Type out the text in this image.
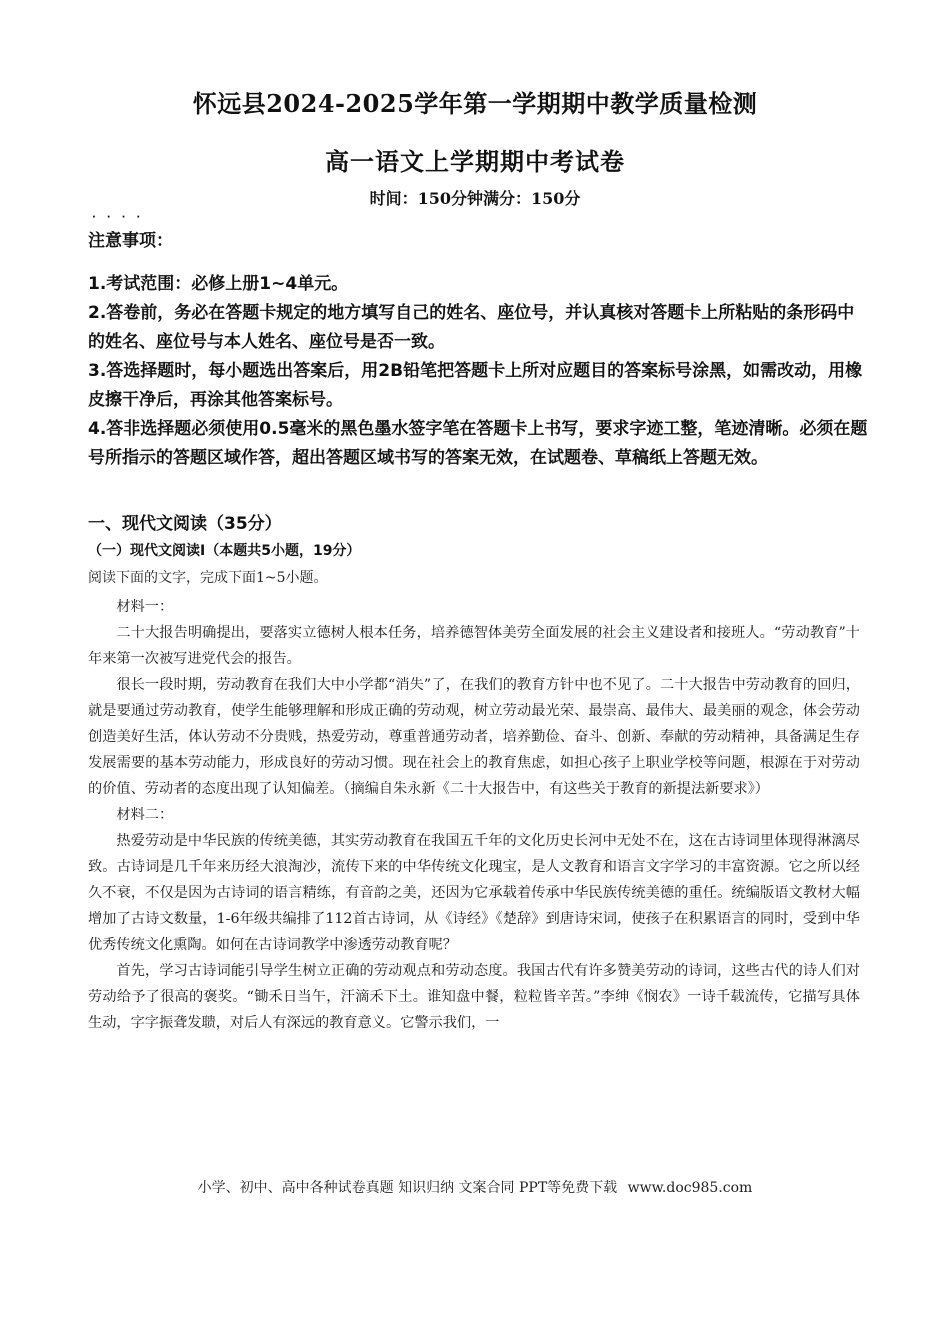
怀远县2024-2025学年第一学期期中教学质量检测
高一语文上学期期中考试卷
时间：150分钟满分：150分
····
注意事项：

1.考试范围：必修上册1~4单元。

2.答卷前，务必在答题卡规定的地方填写自己的姓名、座位号，并认真核对答题卡上所粘贴的条形码中的姓名、座位号与本人姓名、座位号是否一致。

3.答选择题时，每小题选出答案后，用2B铅笔把答题卡上所对应题目的答案标号涂黑，如需改动，用橡皮擦干净后，再涂其他答案标号。

4.答非选择题必须使用0.5毫米的黑色墨水签字笔在答题卡上书写，要求字迹工整，笔迹清晰。必须在题号所指示的答题区域作答，超出答题区域书写的答案无效，在试题卷、草稿纸上答题无效。

一、现代文阅读（35分）
（一）现代文阅读Ⅰ（本题共5小题，19分）
阅读下面的文字，完成下面1~5小题。

材料一：

二十大报告明确提出，要落实立德树人根本任务，培养德智体美劳全面发展的社会主义建设者和接班人。“劳动教育”十年来第一次被写进党代会的报告。

很长一段时期，劳动教育在我们大中小学都“消失”了，在我们的教育方针中也不见了。二十大报告中劳动教育的回归，就是要通过劳动教育，使学生能够理解和形成正确的劳动观，树立劳动最光荣、最崇高、最伟大、最美丽的观念，体会劳动创造美好生活，体认劳动不分贵贱，热爱劳动，尊重普通劳动者，培养勤俭、奋斗、创新、奉献的劳动精神，具备满足生存发展需要的基本劳动能力，形成良好的劳动习惯。现在社会上的教育焦虑，如担心孩子上职业学校等问题，根源在于对劳动的价值、劳动者的态度出现了认知偏差。（摘编自朱永新《二十大报告中，有这些关于教育的新提法新要求》）

材料二：

热爱劳动是中华民族的传统美德，其实劳动教育在我国五千年的文化历史长河中无处不在，这在古诗词里体现得淋漓尽致。古诗词是几千年来历经大浪淘沙，流传下来的中华传统文化瑰宝，是人文教育和语言文字学习的丰富资源。它之所以经久不衰，不仅是因为古诗词的语言精练，有音韵之美，还因为它承载着传承中华民族传统美德的重任。统编版语文教材大幅增加了古诗文数量，1-6年级共编排了112首古诗词，从《诗经》《楚辞》到唐诗宋词，使孩子在积累语言的同时，受到中华优秀传统文化熏陶。如何在古诗词教学中渗透劳动教育呢？

首先，学习古诗词能引导学生树立正确的劳动观点和劳动态度。我国古代有许多赞美劳动的诗词，这些古代的诗人们对劳动给予了很高的褒奖。“锄禾日当午，汗滴禾下土。谁知盘中餐，粒粒皆辛苦。”李绅《悯农》一诗千载流传，它描写具体生动，字字振聋发聩，对后人有深远的教育意义。它警示我们，一

小学、初中、高中各种试卷真题 知识归纳 文案合同 PPT等免费下载 www.doc985.com
